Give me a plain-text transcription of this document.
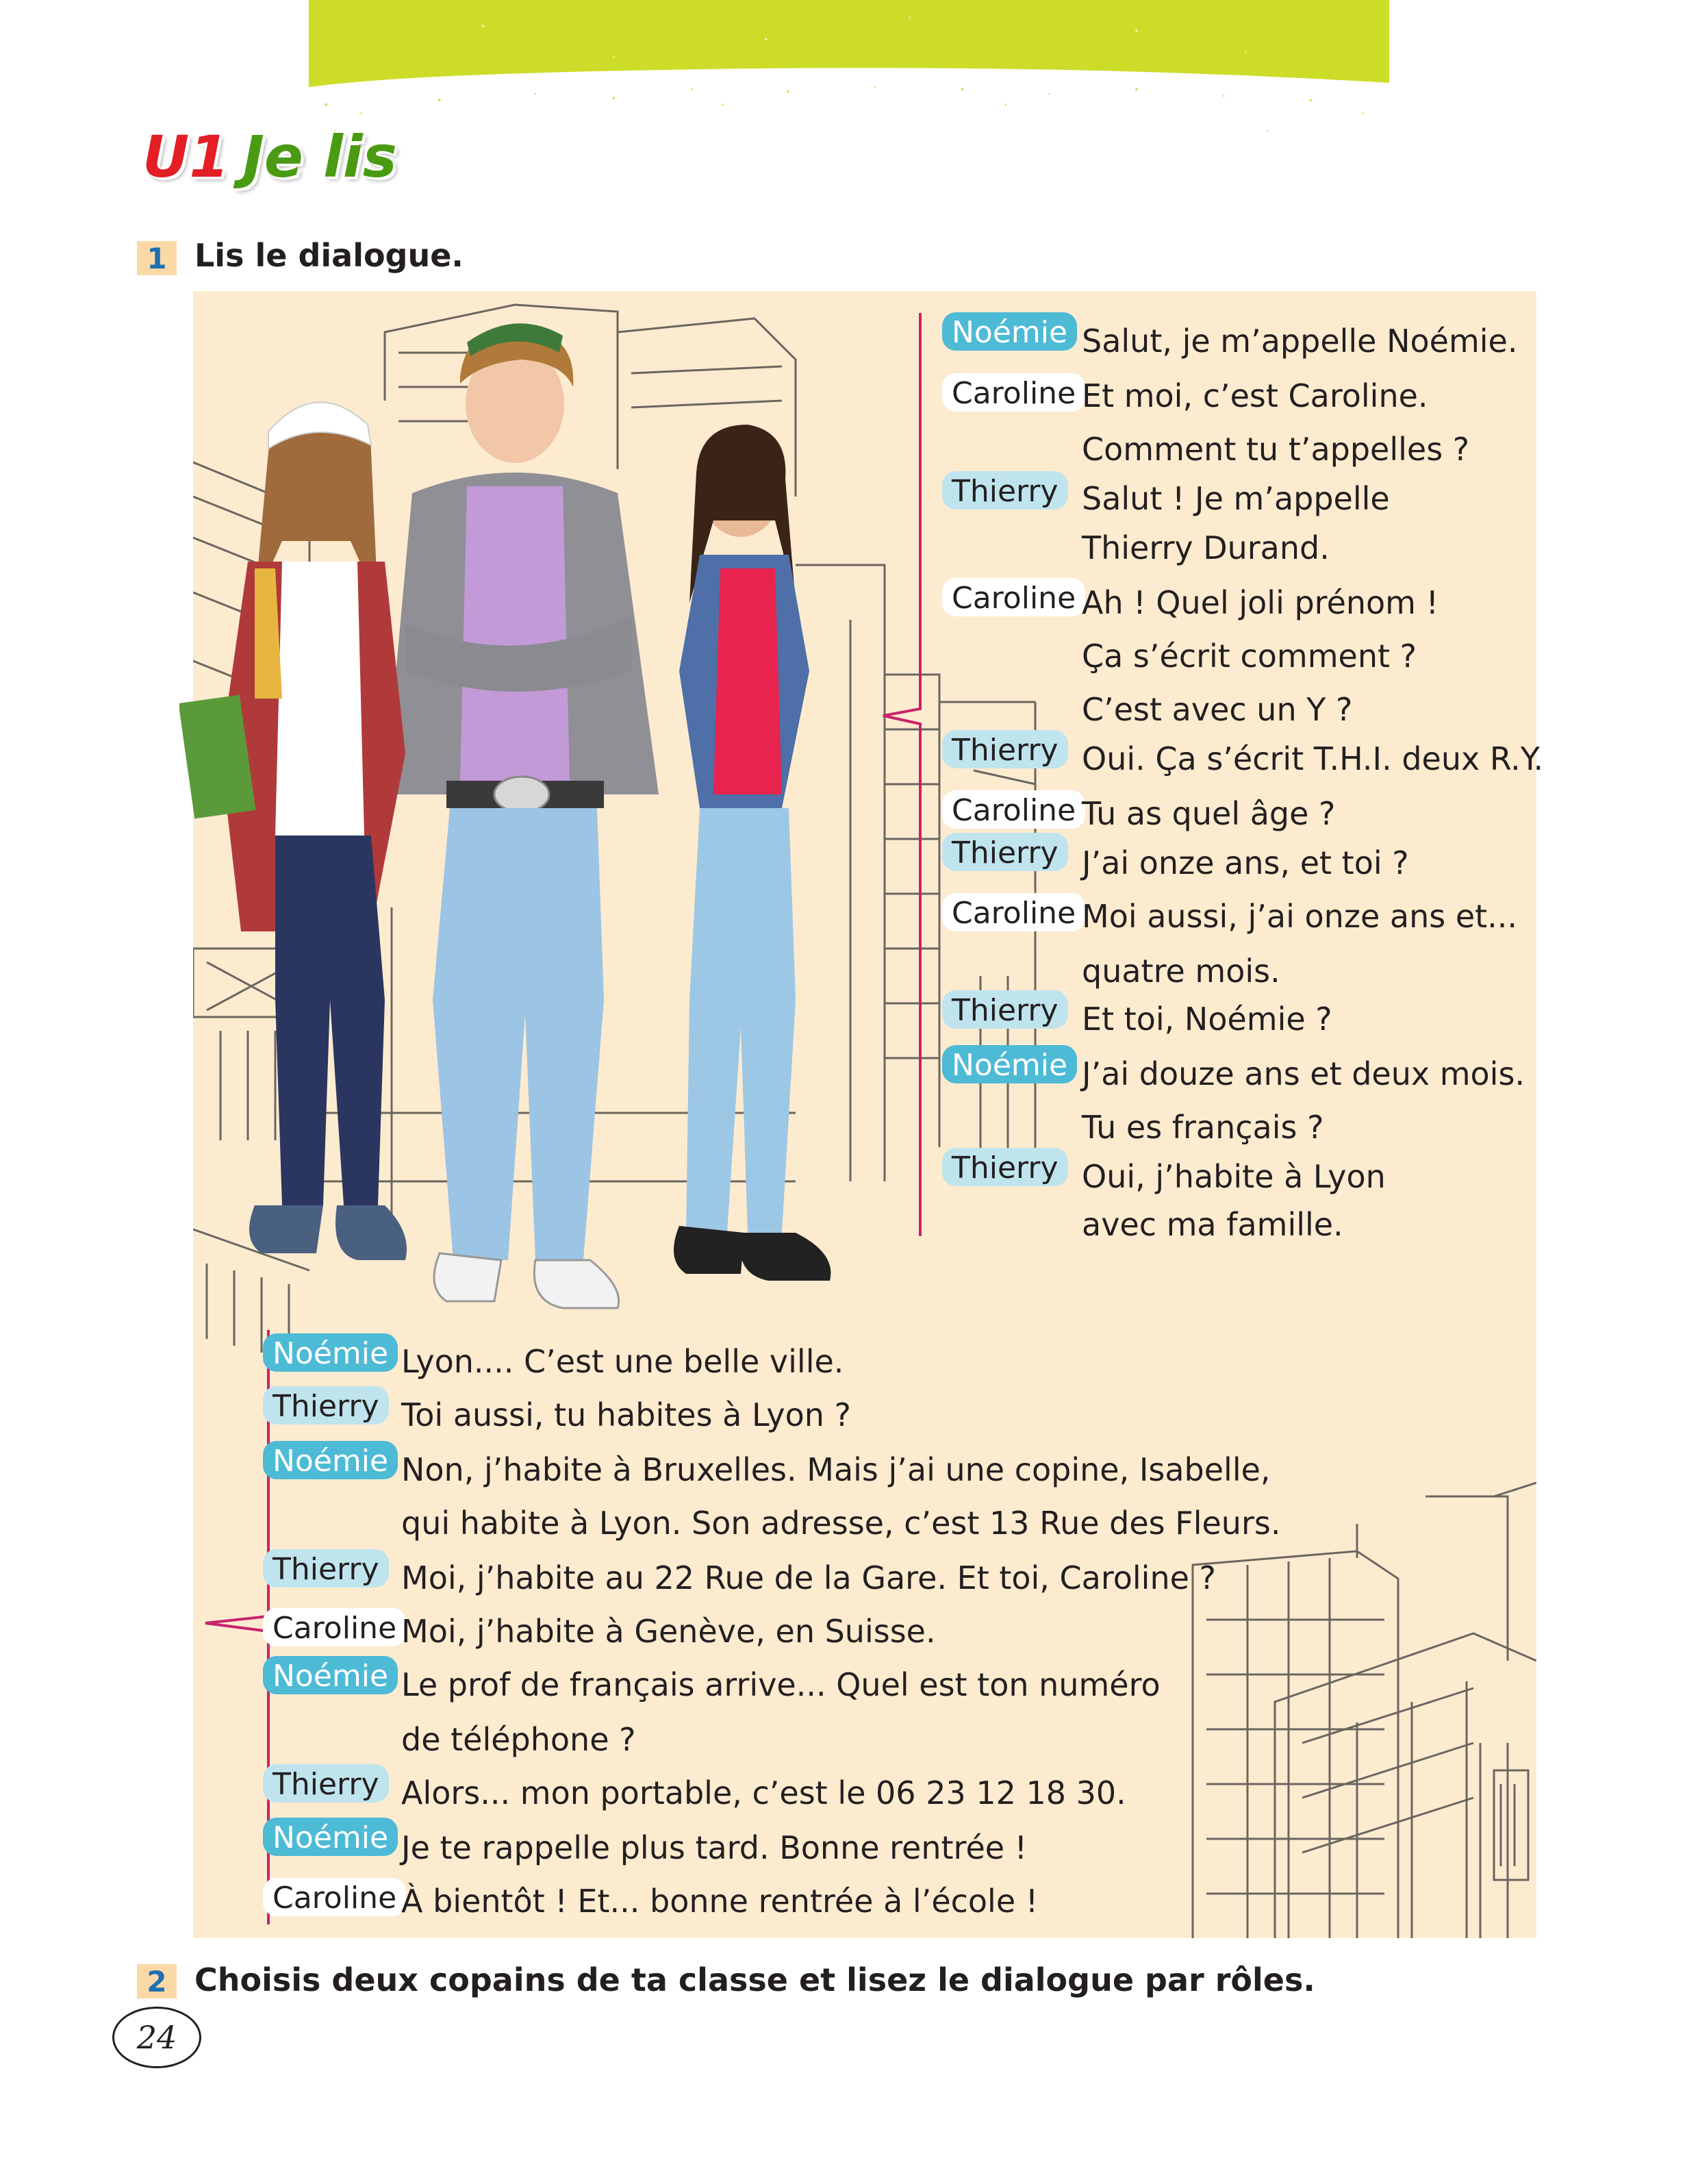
U1 Je lis
1 Lis le dialogue.
Noémie Salut, je m’appelle Noémie.
Caroline Et moi, c’est Caroline.
Comment tu t’appelles ?
Thierry Salut ! Je m’appelle
Thierry Durand.
Caroline Ah ! Quel joli prénom !
Ça s’écrit comment ?
C’est avec un Y ?
Thierry Oui. Ça s’écrit T.H.I. deux R.Y.
Caroline Tu as quel âge ?
Thierry J’ai onze ans, et toi ?
Caroline Moi aussi, j’ai onze ans et...
quatre mois.
Thierry Et toi, Noémie ?
Noémie J’ai douze ans et deux mois.
Tu es français ?
Thierry Oui, j’habite à Lyon
avec ma famille.
Noémie Lyon.... C’est une belle ville.
Thierry Toi aussi, tu habites à Lyon ?
Noémie Non, j’habite à Bruxelles. Mais j’ai une copine, Isabelle,
qui habite à Lyon. Son adresse, c’est 13 Rue des Fleurs.
Thierry Moi, j’habite au 22 Rue de la Gare. Et toi, Caroline ?
Caroline Moi, j’habite à Genève, en Suisse.
Noémie Le prof de français arrive... Quel est ton numéro
de téléphone ?
Thierry Alors... mon portable, c’est le 06 23 12 18 30.
Noémie Je te rappelle plus tard. Bonne rentrée !
Caroline À bientôt ! Et... bonne rentrée à l’école !
2 Choisis deux copains de ta classe et lisez le dialogue par rôles.
24
